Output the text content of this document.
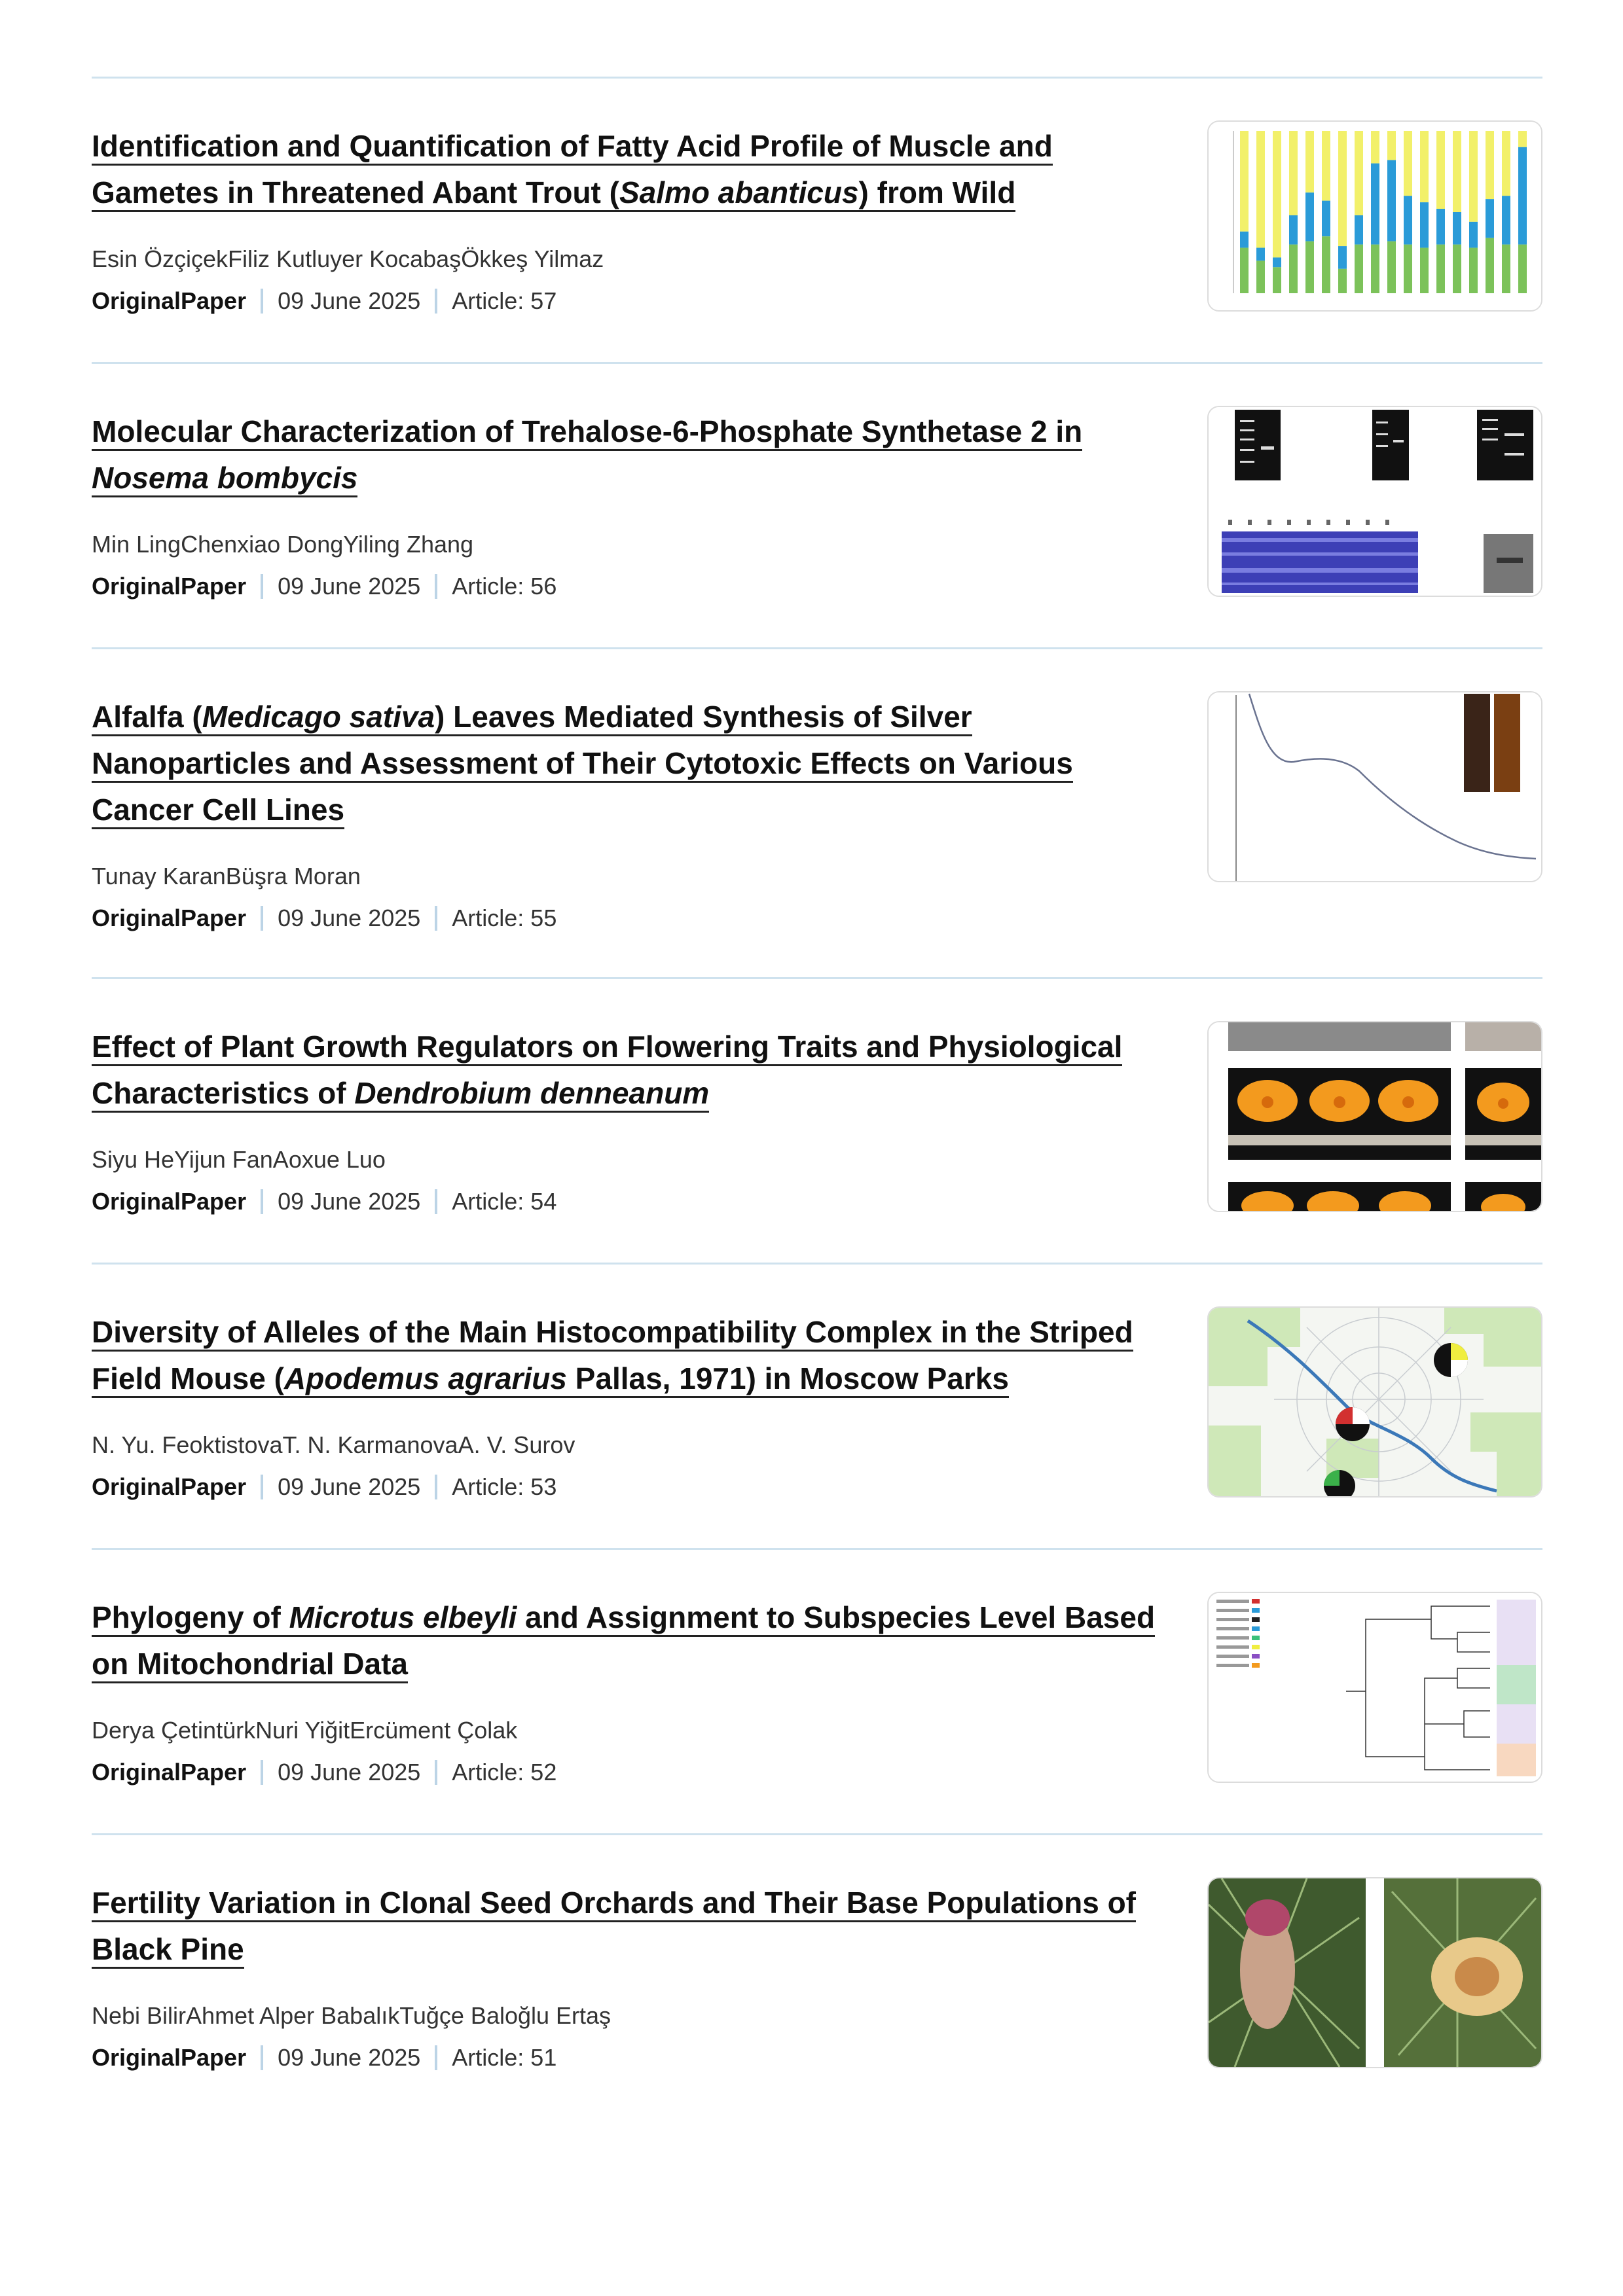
Identification and Quantification of Fatty Acid Profile of Muscle and Gametes in Threatened Abant Trout (Salmo abanticus) from Wild
Esin ÖzçiçekFiliz Kutluyer KocabaşÖkkeş Yilmaz
OriginalPaper 09 June 2025 Article: 57
Molecular Characterization of Trehalose-6-Phosphate Synthetase 2 in Nosema bombycis
Min LingChenxiao DongYiling Zhang
OriginalPaper 09 June 2025 Article: 56
Alfalfa (Medicago sativa) Leaves Mediated Synthesis of Silver Nanoparticles and Assessment of Their Cytotoxic Effects on Various Cancer Cell Lines
Tunay KaranBüşra Moran
OriginalPaper 09 June 2025 Article: 55
Effect of Plant Growth Regulators on Flowering Traits and Physiological Characteristics of Dendrobium denneanum
Siyu HeYijun FanAoxue Luo
OriginalPaper 09 June 2025 Article: 54
Diversity of Alleles of the Main Histocompatibility Complex in the Striped Field Mouse (Apodemus agrarius Pallas, 1971) in Moscow Parks
N. Yu. FeoktistovaT. N. KarmanovaA. V. Surov
OriginalPaper 09 June 2025 Article: 53
Phylogeny of Microtus elbeyli and Assignment to Subspecies Level Based on Mitochondrial Data
Derya ÇetintürkNuri YiğitErcüment Çolak
OriginalPaper 09 June 2025 Article: 52
Fertility Variation in Clonal Seed Orchards and Their Base Populations of Black Pine
Nebi BilirAhmet Alper BabalıkTuğçe Baloğlu Ertaş
OriginalPaper 09 June 2025 Article: 51
